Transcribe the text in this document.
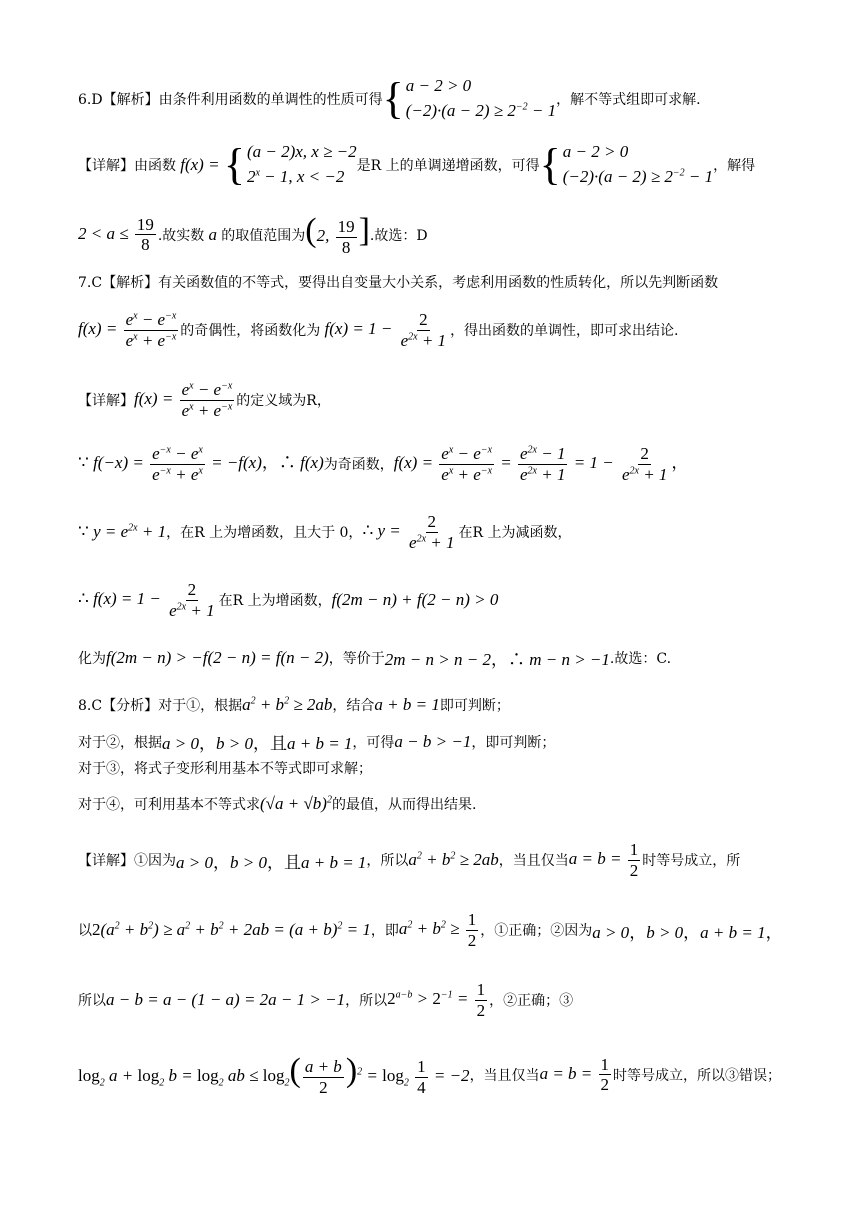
6.D【解析】由条件利用函数的单调性的性质可得 { a − 2 > 0
$(-2)\cdot(a - 2) \ge 2^{-2} - 1$
，解不等式组即可求解.
【详解】由函数 f(x) = { (a − 2)x, x ≥ −2
$2^x - 1$, x < −2
是R 上的单调递增函数，可得 { a − 2 > 0
$(-2)\cdot(a - 2) \ge 2^{-2} - 1$
，解得
$2 < a \le \frac{19}{8}$ .故实数 a 的取值范围为 (2, $\frac{19}{8}$ ] .故选：D
7.C【解析】有关函数值的不等式，要得出自变量大小关系，考虑利用函数的性质转化，所以先判断函数
$f(x) = \frac{e^x - e^{-x}}{e^x + e^{-x}}$ 的奇偶性，将函数化为 $f(x) = 1 - \frac{2}{e^{2x} + 1}$ ，得出函数的单调性，即可求出结论.
【详解】 $f(x) = \frac{e^x - e^{-x}}{e^x + e^{-x}}$ 的定义域为R，
∵ $f(-x) = \frac{e^{-x} - e^x}{e^{-x} + e^x} = -f(x)$，∴ f(x) 为奇函数， $f(x) = \frac{e^x - e^{-x}}{e^x + e^{-x}} = \frac{e^{2x} - 1}{e^{2x} + 1} = 1 - \frac{2}{e^{2x} + 1}$ ，
∵ $y = e^{2x} + 1$ ，在R 上为增函数，且大于 0， ∴ $y = \frac{2}{e^{2x} + 1}$ 在R 上为减函数，
∴ $f(x) = 1 - \frac{2}{e^{2x} + 1}$ 在R 上为增函数， f(2m − n) + f(2 − n) > 0
化为 f(2m − n) > −f(2 − n) = f(n − 2) ，等价于 2m − n > n − 2，∴ m − n > −1 .故选：C.
8.C【分析】对于①，根据 $a^2 + b^2 \ge 2ab$ ，结合 a + b = 1 即可判断；
对于②，根据 a > 0，b > 0，且a + b = 1 ，可得 a − b > −1 ，即可判断；
对于③，将式子变形利用基本不等式即可求解；
对于④，可利用基本不等式求 $(√a + √b)^2$ 的最值，从而得出结果.
【详解】①因为 a > 0，b > 0，且a + b = 1 ，所以 $a^2 + b^2 \ge 2ab$ ，当且仅当 $a = b = \frac{1}{2}$ 时等号成立，所
以 $2(a^2 + b^2) \ge a^2 + b^2 + 2ab = (a + b)^2 = 1$ ，即 $a^2 + b^2 \ge \frac{1}{2}$ ，①正确；②因为 a > 0，b > 0，a + b = 1，
所以 a − b = a − (1 − a) = 2a − 1 > −1 ，所以 $2^{a-b} > 2^{-1} = \frac{1}{2}$ ，②正确；③
$\log_2 a + \log_2 b = \log_2$ ab ≤ $\log_2( \frac{a + b}{2} )^2 = \log_2 \frac{1}{4} = -2$ ，当且仅当 $a = b = \frac{1}{2}$ 时等号成立，所以③错误；
